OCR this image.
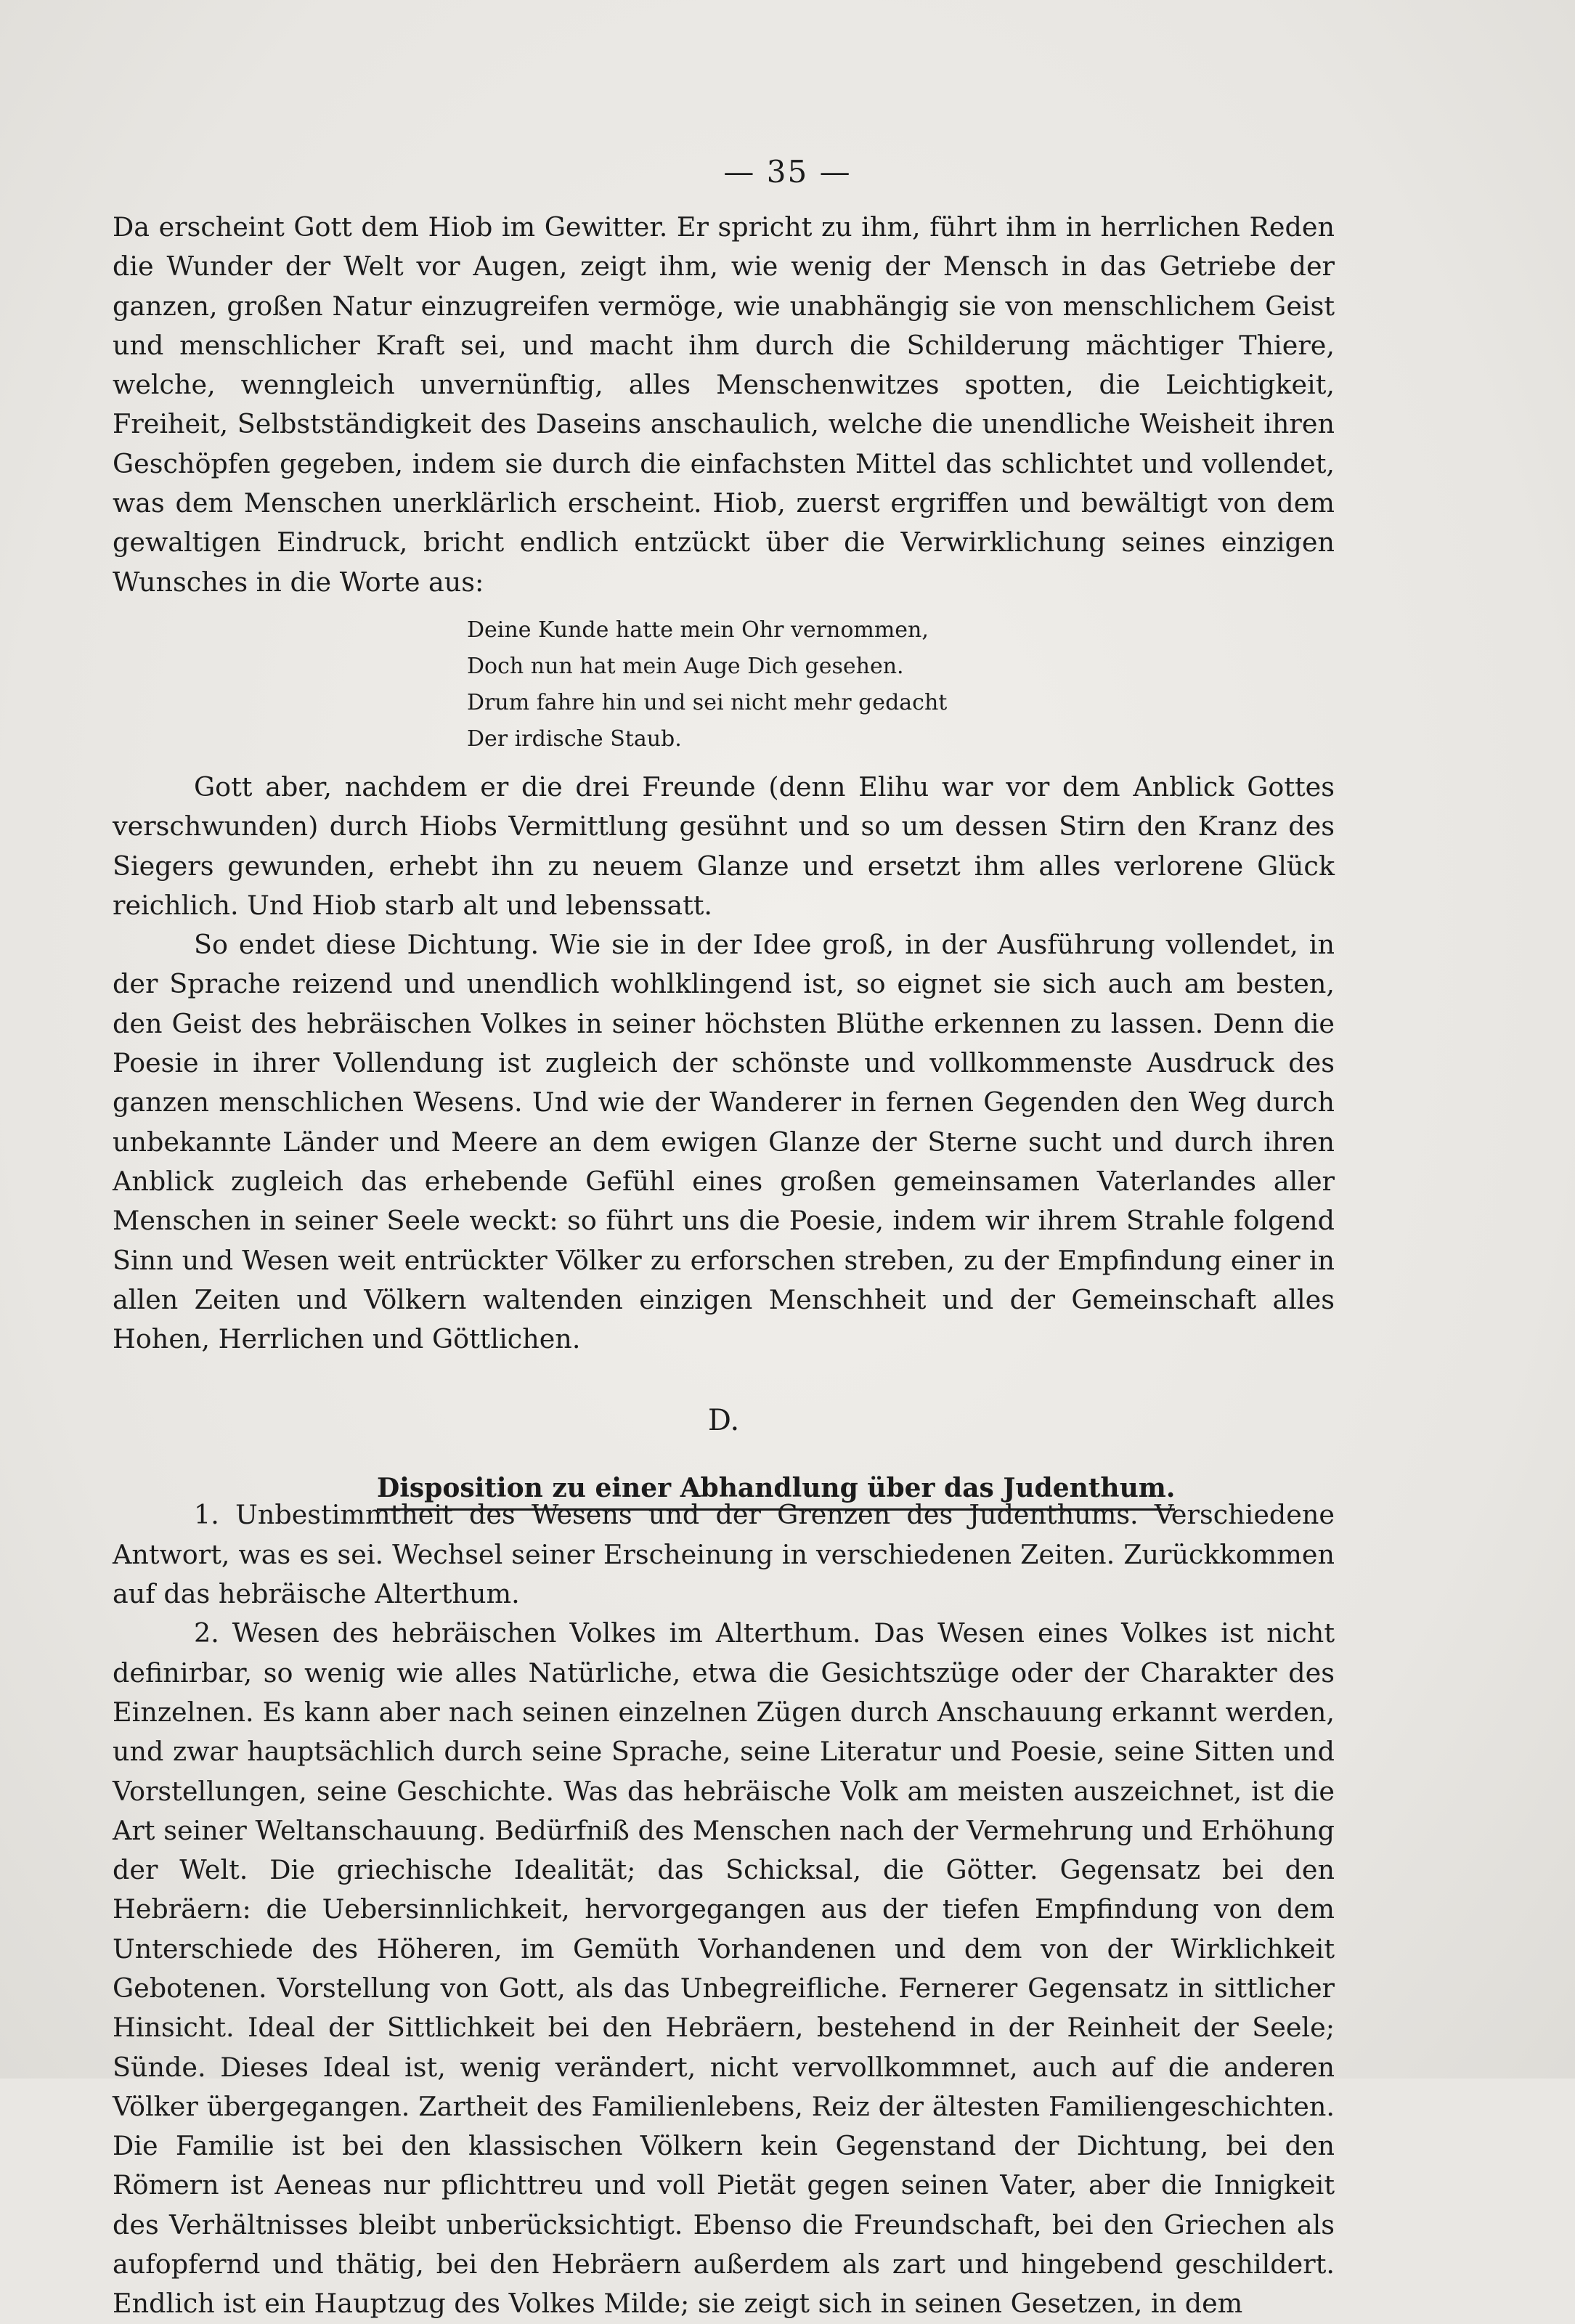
— 35 —

Da erscheint Gott dem Hiob im Gewitter. Er spricht zu ihm, führt ihm in herrlichen Reden die Wunder der Welt vor Augen, zeigt ihm, wie wenig der Mensch in das Getriebe der ganzen, großen Natur einzugreifen vermöge, wie unabhängig sie von menschlichem Geist und menschlicher Kraft sei, und macht ihm durch die Schilderung mächtiger Thiere, welche, wenngleich unvernünftig, alles Menschenwitzes spotten, die Leichtigkeit, Freiheit, Selbstständigkeit des Daseins anschaulich, welche die unendliche Weisheit ihren Geschöpfen gegeben, indem sie durch die einfachsten Mittel das schlichtet und vollendet, was dem Menschen unerklärlich erscheint. Hiob, zuerst ergriffen und bewältigt von dem gewaltigen Eindruck, bricht endlich entzückt über die Verwirklichung seines einzigen Wunsches in die Worte aus:

Deine Kunde hatte mein Ohr vernommen,
Doch nun hat mein Auge Dich gesehen.
Drum fahre hin und sei nicht mehr gedacht
Der irdische Staub.

Gott aber, nachdem er die drei Freunde (denn Elihu war vor dem Anblick Gottes verschwunden) durch Hiobs Vermittlung gesühnt und so um dessen Stirn den Kranz des Siegers gewunden, erhebt ihn zu neuem Glanze und ersetzt ihm alles verlorene Glück reichlich. Und Hiob starb alt und lebenssatt.

So endet diese Dichtung. Wie sie in der Idee groß, in der Ausführung vollendet, in der Sprache reizend und unendlich wohlklingend ist, so eignet sie sich auch am besten, den Geist des hebräischen Volkes in seiner höchsten Blüthe erkennen zu lassen. Denn die Poesie in ihrer Vollendung ist zugleich der schönste und vollkommenste Ausdruck des ganzen menschlichen Wesens. Und wie der Wanderer in fernen Gegenden den Weg durch unbekannte Länder und Meere an dem ewigen Glanze der Sterne sucht und durch ihren Anblick zugleich das erhebende Gefühl eines großen gemeinsamen Vaterlandes aller Menschen in seiner Seele weckt: so führt uns die Poesie, indem wir ihrem Strahle folgend Sinn und Wesen weit entrückter Völker zu erforschen streben, zu der Empfindung einer in allen Zeiten und Völkern waltenden einzigen Menschheit und der Gemeinschaft alles Hohen, Herrlichen und Göttlichen.

D.
Disposition zu einer Abhandlung über das Judenthum.

1. Unbestimmtheit des Wesens und der Grenzen des Judenthums. Verschiedene Antwort, was es sei. Wechsel seiner Erscheinung in verschiedenen Zeiten. Zurückkommen auf das hebräische Alterthum.

2. Wesen des hebräischen Volkes im Alterthum. Das Wesen eines Volkes ist nicht definirbar, so wenig wie alles Natürliche, etwa die Gesichtszüge oder der Charakter des Einzelnen. Es kann aber nach seinen einzelnen Zügen durch Anschauung erkannt werden, und zwar hauptsächlich durch seine Sprache, seine Literatur und Poesie, seine Sitten und Vorstellungen, seine Geschichte. Was das hebräische Volk am meisten auszeichnet, ist die Art seiner Weltanschauung. Bedürfniß des Menschen nach der Vermehrung und Erhöhung der Welt. Die griechische Idealität; das Schicksal, die Götter. Gegensatz bei den Hebräern: die Uebersinnlichkeit, hervorgegangen aus der tiefen Empfindung von dem Unterschiede des Höheren, im Gemüth Vorhandenen und dem von der Wirklichkeit Gebotenen. Vorstellung von Gott, als das Unbegreifliche. Fernerer Gegensatz in sittlicher Hinsicht. Ideal der Sittlichkeit bei den Hebräern, bestehend in der Reinheit der Seele; Sünde. Dieses Ideal ist, wenig verändert, nicht vervollkommnet, auch auf die anderen Völker übergegangen. Zartheit des Familienlebens, Reiz der ältesten Familiengeschichten. Die Familie ist bei den klassischen Völkern kein Gegenstand der Dichtung, bei den Römern ist Aeneas nur pflichttreu und voll Pietät gegen seinen Vater, aber die Innigkeit des Verhältnisses bleibt unberücksichtigt. Ebenso die Freundschaft, bei den Griechen als aufopfernd und thätig, bei den Hebräern außerdem als zart und hingebend geschildert. Endlich ist ein Hauptzug des Volkes Milde; sie zeigt sich in seinen Gesetzen, in dem
